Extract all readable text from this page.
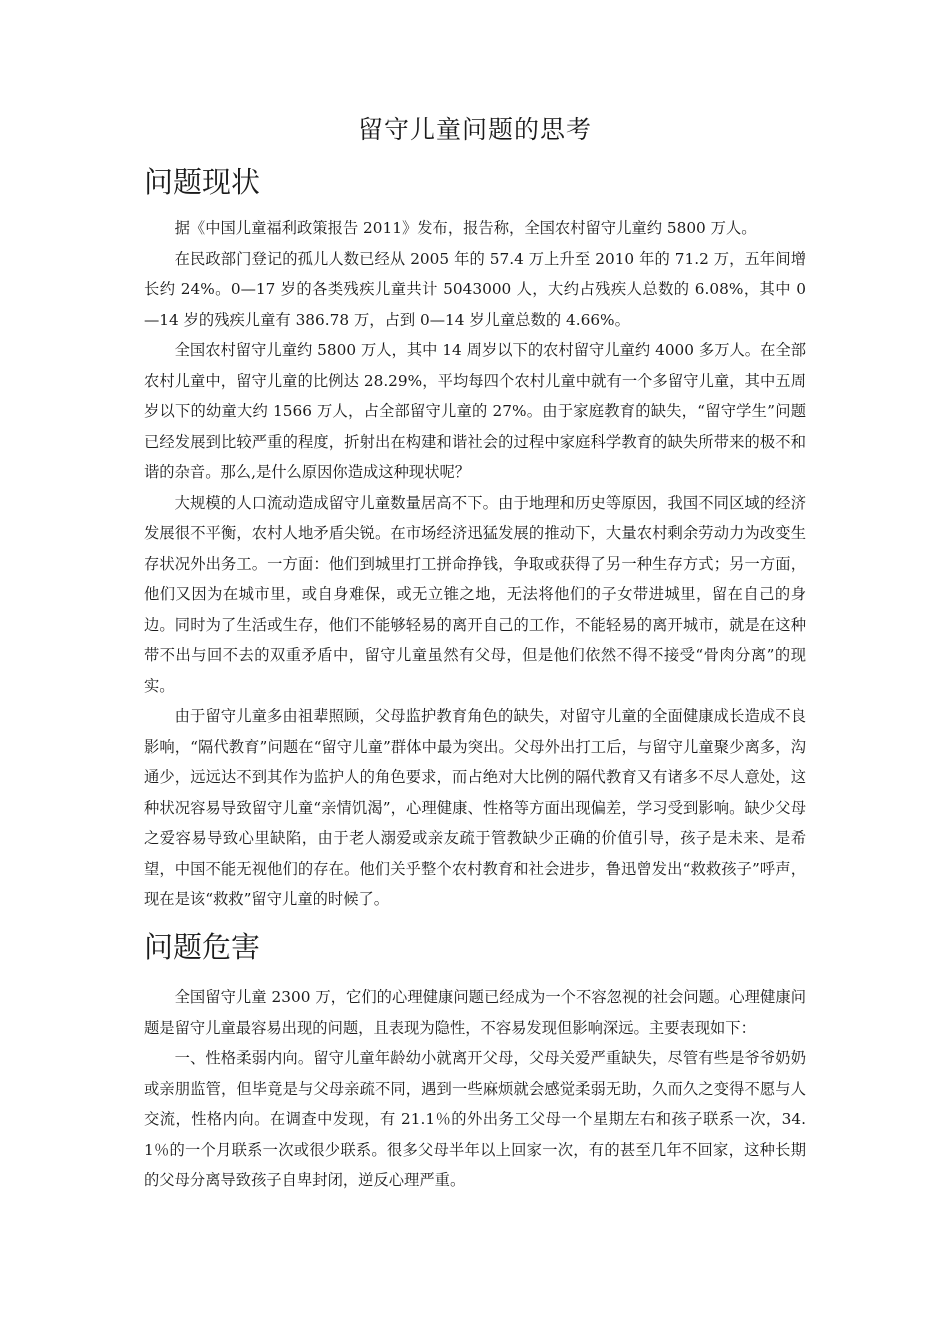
留守儿童问题的思考
问题现状

据《中国儿童福利政策报告 2011》发布，报告称，全国农村留守儿童约 5800 万人。

在民政部门登记的孤儿人数已经从 2005 年的 57.4 万上升至 2010 年的 71.2 万，五年间增长约 24%。0—17 岁的各类残疾儿童共计 5043000 人，大约占残疾人总数的 6.08%，其中 0—14 岁的残疾儿童有 386.78 万，占到 0—14 岁儿童总数的 4.66%。

全国农村留守儿童约 5800 万人，其中 14 周岁以下的农村留守儿童约 4000 多万人。在全部农村儿童中，留守儿童的比例达 28.29%，平均每四个农村儿童中就有一个多留守儿童，其中五周岁以下的幼童大约 1566 万人，占全部留守儿童的 27%。由于家庭教育的缺失，“留守学生”问题已经发展到比较严重的程度，折射出在构建和谐社会的过程中家庭科学教育的缺失所带来的极不和谐的杂音。那么,是什么原因你造成这种现状呢？

大规模的人口流动造成留守儿童数量居高不下。由于地理和历史等原因，我国不同区域的经济发展很不平衡，农村人地矛盾尖锐。在市场经济迅猛发展的推动下，大量农村剩余劳动力为改变生存状况外出务工。一方面：他们到城里打工拼命挣钱，争取或获得了另一种生存方式；另一方面，他们又因为在城市里，或自身难保，或无立锥之地，无法将他们的子女带进城里，留在自己的身边。同时为了生活或生存，他们不能够轻易的离开自己的工作，不能轻易的离开城市，就是在这种带不出与回不去的双重矛盾中，留守儿童虽然有父母，但是他们依然不得不接受“骨肉分离”的现实。

由于留守儿童多由祖辈照顾，父母监护教育角色的缺失，对留守儿童的全面健康成长造成不良影响，“隔代教育”问题在“留守儿童”群体中最为突出。父母外出打工后，与留守儿童聚少离多，沟通少，远远达不到其作为监护人的角色要求，而占绝对大比例的隔代教育又有诸多不尽人意处，这种状况容易导致留守儿童“亲情饥渴”，心理健康、性格等方面出现偏差，学习受到影响。缺少父母之爱容易导致心里缺陷，由于老人溺爱或亲友疏于管教缺少正确的价值引导，孩子是未来、是希望，中国不能无视他们的存在。他们关乎整个农村教育和社会进步，鲁迅曾发出“救救孩子”呼声，现在是该“救救”留守儿童的时候了。

问题危害

全国留守儿童 2300 万，它们的心理健康问题已经成为一个不容忽视的社会问题。心理健康问题是留守儿童最容易出现的问题，且表现为隐性，不容易发现但影响深远。主要表现如下：

一、性格柔弱内向。留守儿童年龄幼小就离开父母，父母关爱严重缺失，尽管有些是爷爷奶奶或亲朋监管，但毕竟是与父母亲疏不同，遇到一些麻烦就会感觉柔弱无助，久而久之变得不愿与人交流，性格内向。在调查中发现，有 21.1％的外出务工父母一个星期左右和孩子联系一次，34.1％的一个月联系一次或很少联系。很多父母半年以上回家一次，有的甚至几年不回家，这种长期的父母分离导致孩子自卑封闭，逆反心理严重。
